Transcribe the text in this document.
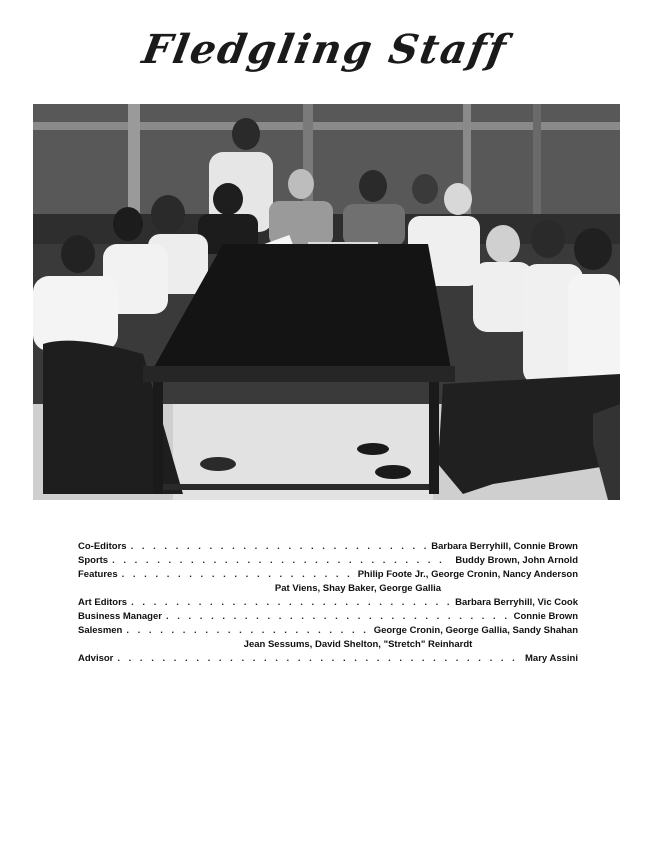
Fledgling Staff
Co-Editors . . .	Barbara Berryhill, Connie Brown
Sports . . .	Buddy Brown, John Arnold
Features . . .	Philip Foote Jr., George Cronin, Nancy Anderson
Pat Viens, Shay Baker, George Gallia
Art Editors . . .	Barbara Berryhill, Vic Cook
Business Manager . . .	Connie Brown
Salesmen . . .	George Cronin, George Gallia, Sandy Shahan
Jean Sessums, David Shelton, "Stretch" Reinhardt
Advisor . . .	Mary Assini
